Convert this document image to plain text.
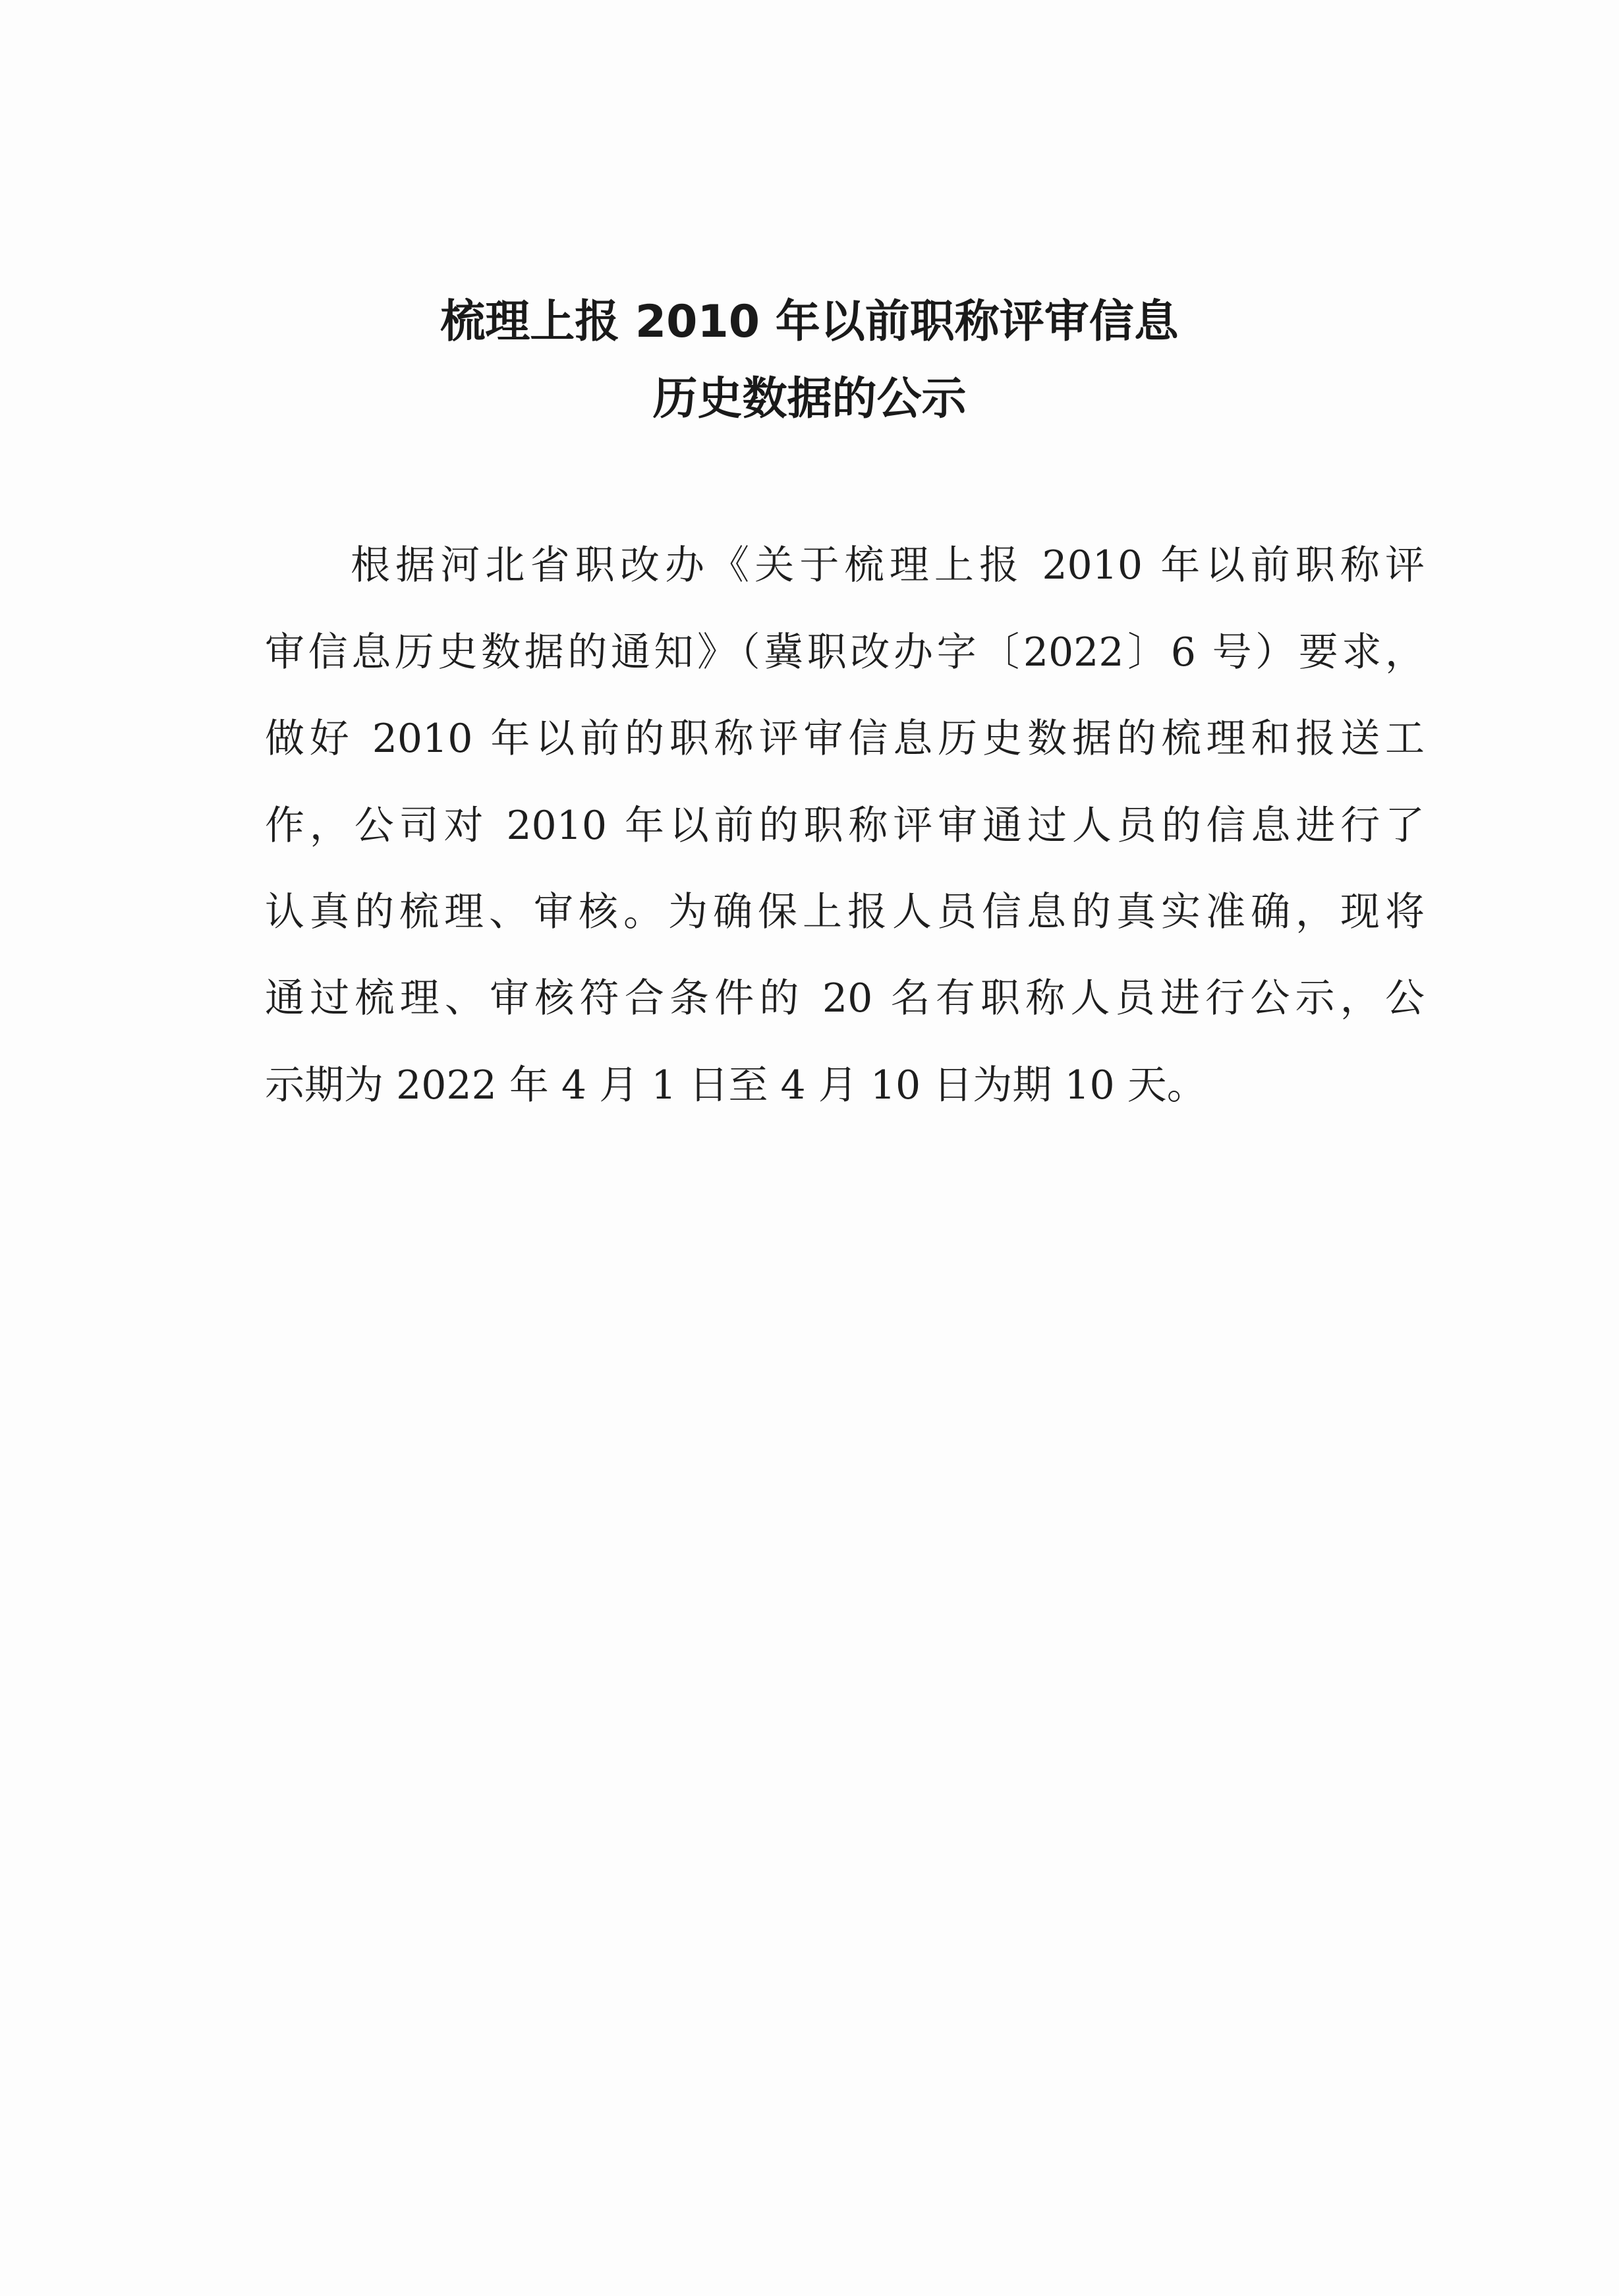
梳理上报 2010 年以前职称评审信息
历史数据的公示
根据河北省职改办《关于梳理上报 2010 年以前职称评
审信息历史数据的通知》（冀职改办字〔2022〕6 号）要求，
做好 2010 年以前的职称评审信息历史数据的梳理和报送工
作，公司对 2010 年以前的职称评审通过人员的信息进行了
认真的梳理、审核。为确保上报人员信息的真实准确，现将
通过梳理、审核符合条件的 20 名有职称人员进行公示，公
示期为 2022 年 4 月 1 日至 4 月 10 日为期 10 天。
